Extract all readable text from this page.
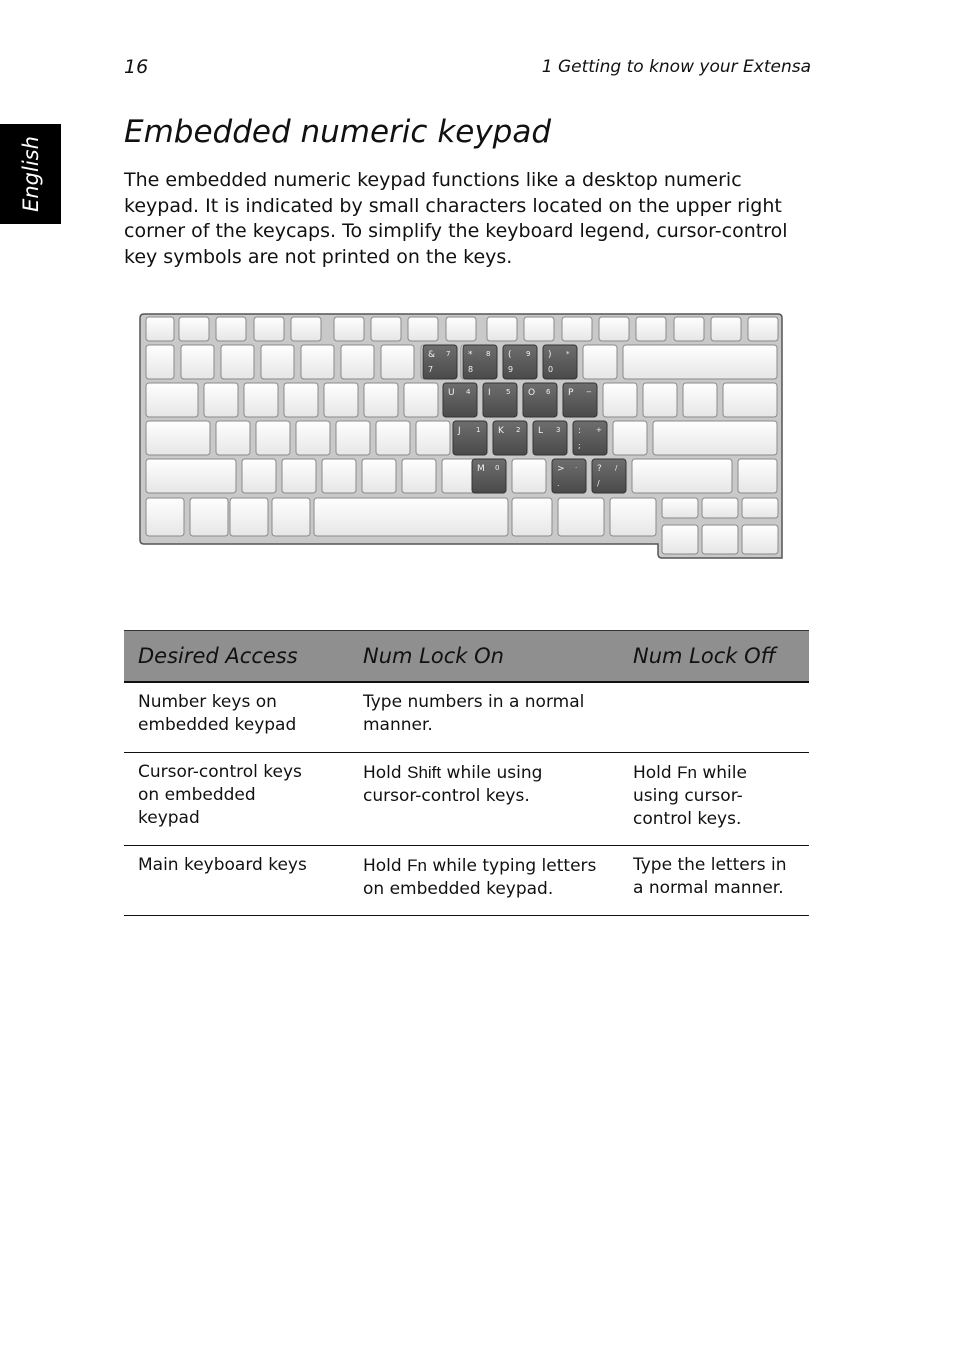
16	1 Getting to know your Extensa
English
Embedded numeric keypad

The embedded numeric keypad functions like a desktop numeric keypad. It is indicated by small characters located on the upper right corner of the keycaps. To simplify the keyboard legend, cursor-control key symbols are not printed on the keys.

& 7
7
* 8
8
( 9
9
) *
0
U 4 I 5 O 6 P −
J 1 K 2 L 3 : +
;
M 0	> ·
.
? /
/
Desired Access	Num Lock On	Num Lock Off
Number keys on embedded keypad	Type numbers in a normal manner.	
Cursor-control keys on embedded keypad	Hold Shift while using cursor-control keys.	Hold Fn while using cursor-control keys.
Main keyboard keys	Hold Fn while typing letters on embedded keypad.	Type the letters in a normal manner.
